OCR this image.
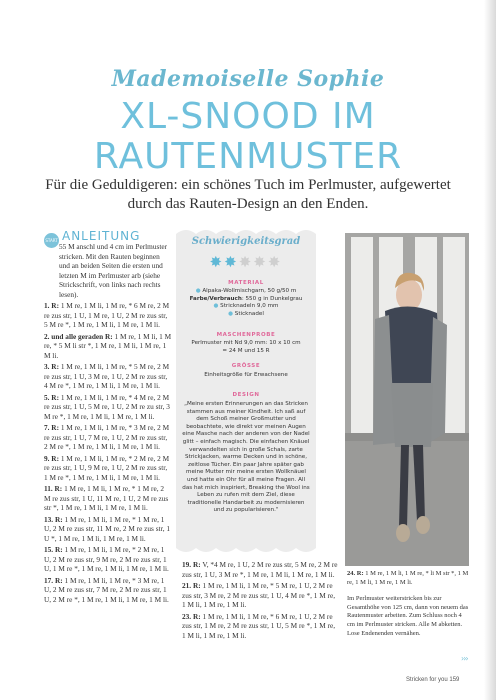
Mademoiselle Sophie
XL-SNOOD IM
RAUTENMUSTER
Für die Geduldigeren: ein schönes Tuch im Perlmuster, aufgewertet durch das Rauten-Design an den Enden.
START ANLEITUNG

55 M anschl und 4 cm im Perlmuster stricken. Mit den Rauten beginnen und an beiden Seiten die ersten und letzten M im Perlmuster arb (siehe Strickschrift, von links nach rechts lesen).

1. R: 1 M re, 1 M li, 1 M re, * 6 M re, 2 M re zus str, 1 U, 1 M re, 1 U, 2 M re zus str, 5 M re *, 1 M re, 1 M li, 1 M re, 1 M li.

2. und alle geraden R: 1 M re, 1 M li, 1 M re, * 5 M li str *, 1 M re, 1 M li, 1 M re, 1 M li.

3. R: 1 M re, 1 M li, 1 M re, * 5 M re, 2 M re zus str, 1 U, 3 M re, 1 U, 2 M re zus str, 4 M re *, 1 M re, 1 M li, 1 M re, 1 M li.

5. R: 1 M re, 1 M li, 1 M re, * 4 M re, 2 M re zus str, 1 U, 5 M re, 1 U, 2 M re zu str, 3 M re *, 1 M re, 1 M li, 1 M re, 1 M li.

7. R: 1 M re, 1 M li, 1 M re, * 3 M re, 2 M re zus str, 1 U, 7 M re, 1 U, 2 M re zus str, 2 M re *, 1 M re, 1 M li, 1 M re, 1 M li.

9. R: 1 M re, 1 M li, 1 M re, * 2 M re, 2 M re zus str, 1 U, 9 M re, 1 U, 2 M re zus str, 1 M re *, 1 M re, 1 M li, 1 M re, 1 M li.

11. R: 1 M re, 1 M li, 1 M re, * 1 M re, 2 M re zus str, 1 U, 11 M re, 1 U, 2 M re zus str *, 1 M re, 1 M li, 1 M re, 1 M li.

13. R: 1 M re, 1 M li, 1 M re, * 1 M re, 1 U, 2 M re zus str, 11 M re, 2 M re zus str, 1 U *, 1 M re, 1 M li, 1 M re, 1 M li.

15. R: 1 M re, 1 M li, 1 M re, * 2 M re, 1 U, 2 M re zus str, 9 M re, 2 M re zus str, 1 U, 1 M re *, 1 M re, 1 M li, 1 M re, 1 M li.

17. R: 1 M re, 1 M li, 1 M re, * 3 M re, 1 U, 2 M re zus str, 7 M re, 2 M re zus str, 1 U, 2 M re *, 1 M re, 1 M li, 1 M re, 1 M li.

Schwierigkeitsgrad
✸✸✸✸✸
MATERIAL
● Alpaka-Wollmischgarn, 50 g/50 m
Farbe/Verbrauch: 550 g in Dunkelgrau
● Stricknadeln 9,0 mm
● Sticknadel
MASCHENPROBE
Perlmuster mit Nd 9,0 mm: 10 x 10 cm
= 24 M und 15 R
GRÖSSE
Einheitsgröße für Erwachsene
DESIGN
„Meine ersten Erinnerungen an das Stricken stammen aus meiner Kindheit. Ich saß auf dem Schoß meiner Großmutter und beobachtete, wie direkt vor meinen Augen eine Masche nach der anderen von der Nadel glitt – einfach magisch. Die einfachen Knäuel verwandelten sich in große Schals, zarte Strickjacken, warme Decken und in schöne, zeitlose Tücher. Ein paar Jahre später gab meine Mutter mir meine ersten Wollknäuel und hatte ein Ohr für all meine Fragen. All das hat mich inspiriert, Breaking the Wool ins Leben zu rufen mit dem Ziel, diese traditionelle Handarbeit zu modernisieren und zu popularisieren."

19. R: V, *4 M re, 1 U, 2 M re zus str, 5 M re, 2 M re zus str, 1 U, 3 M re *, 1 M re, 1 M li, 1 M re, 1 M li.

21. R: 1 M re, 1 M li, 1 M re, * 5 M re, 1 U, 2 M re zus str, 3 M re, 2 M re zus str, 1 U, 4 M re *, 1 M re, 1 M li, 1 M re, 1 M li.

23. R: 1 M re, 1 M li, 1 M re, * 6 M re, 1 U, 2 M re zus str, 1 M re, 2 M re zus str, 1 U, 5 M re *, 1 M re, 1 M li, 1 M re, 1 M li.

24. R: 1 M re, 1 M li, 1 M re, * li M str *, 1 M re, 1 M li, 1 M re, 1 M li.

Im Perlmuster weiterstricken bis zur Gesamthöhe von 125 cm, dann von neuem das Rautenmuster arbeiten. Zum Schluss noch 4 cm im Perlmuster stricken. Alle M abketten. Lose Endenenden vernähen.

›››
Stricken for you 159
